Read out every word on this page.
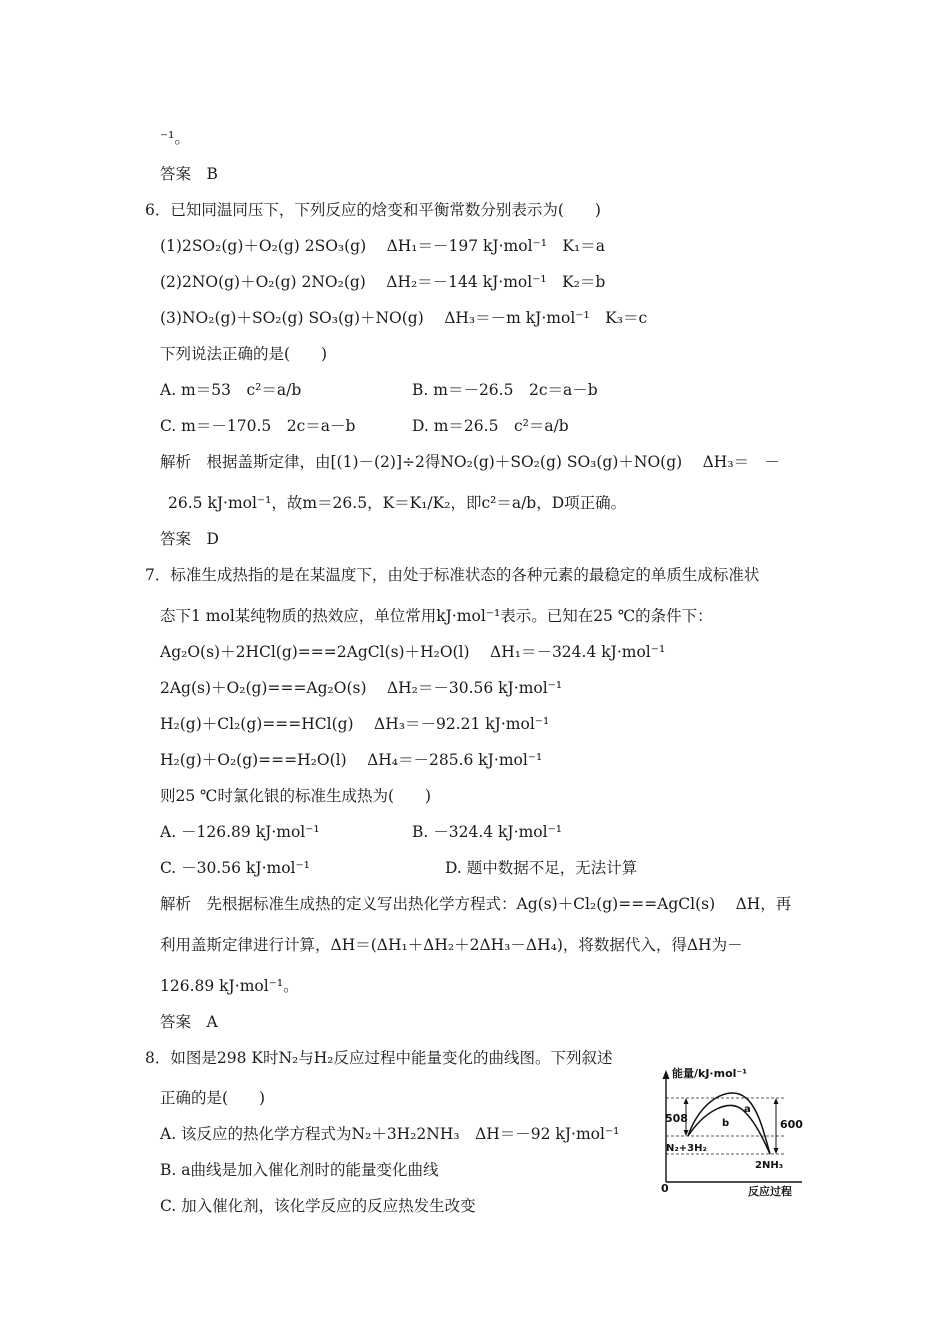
⁻¹。
答案　B
6．已知同温同压下，下列反应的焓变和平衡常数分别表示为(　　)
(1)2SO₂(g)＋O₂(g) 2SO₃(g)　 ΔH₁＝－197 kJ·mol⁻¹　K₁＝a
(2)2NO(g)＋O₂(g) 2NO₂(g)　 ΔH₂＝－144 kJ·mol⁻¹　K₂＝b
(3)NO₂(g)＋SO₂(g) SO₃(g)＋NO(g)　 ΔH₃＝－m kJ·mol⁻¹　K₃＝c
下列说法正确的是(　　)
A. m＝53　c²＝a/b	B. m＝－26.5　2c＝a－b
C. m＝－170.5　2c＝a－b	D. m＝26.5　c²＝a/b
解析　根据盖斯定律，由[(1)－(2)]÷2得NO₂(g)＋SO₂(g) SO₃(g)＋NO(g)　 ΔH₃＝　－
26.5 kJ·mol⁻¹，故m＝26.5，K＝K₁/K₂，即c²＝a/b，D项正确。
答案　D
7．标准生成热指的是在某温度下，由处于标准状态的各种元素的最稳定的单质生成标准状
态下1 mol某纯物质的热效应，单位常用kJ·mol⁻¹表示。已知在25 ℃的条件下：
Ag₂O(s)＋2HCl(g)===2AgCl(s)＋H₂O(l)　 ΔH₁＝－324.4 kJ·mol⁻¹
2Ag(s)＋O₂(g)===Ag₂O(s)　 ΔH₂＝－30.56 kJ·mol⁻¹
H₂(g)＋Cl₂(g)===HCl(g)　 ΔH₃＝－92.21 kJ·mol⁻¹
H₂(g)＋O₂(g)===H₂O(l)　 ΔH₄＝－285.6 kJ·mol⁻¹
则25 ℃时氯化银的标准生成热为(　　)
A. －126.89 kJ·mol⁻¹	B. －324.4 kJ·mol⁻¹
C. －30.56 kJ·mol⁻¹	D. 题中数据不足，无法计算
解析　先根据标准生成热的定义写出热化学方程式：Ag(s)＋Cl₂(g)===AgCl(s)　 ΔH，再
利用盖斯定律进行计算，ΔH＝(ΔH₁＋ΔH₂＋2ΔH₃－ΔH₄)，将数据代入，得ΔH为－
126.89 kJ·mol⁻¹。
答案　A
8．如图是298 K时N₂与H₂反应过程中能量变化的曲线图。下列叙述
正确的是(　　)
A. 该反应的热化学方程式为N₂＋3H₂2NH₃　ΔH＝－92 kJ·mol⁻¹
B. a曲线是加入催化剂时的能量变化曲线
C. 加入催化剂，该化学反应的反应热发生改变
能量/kJ·mol⁻¹
0	反应过程
508	600
a
b
N₂+3H₂
2NH₃
